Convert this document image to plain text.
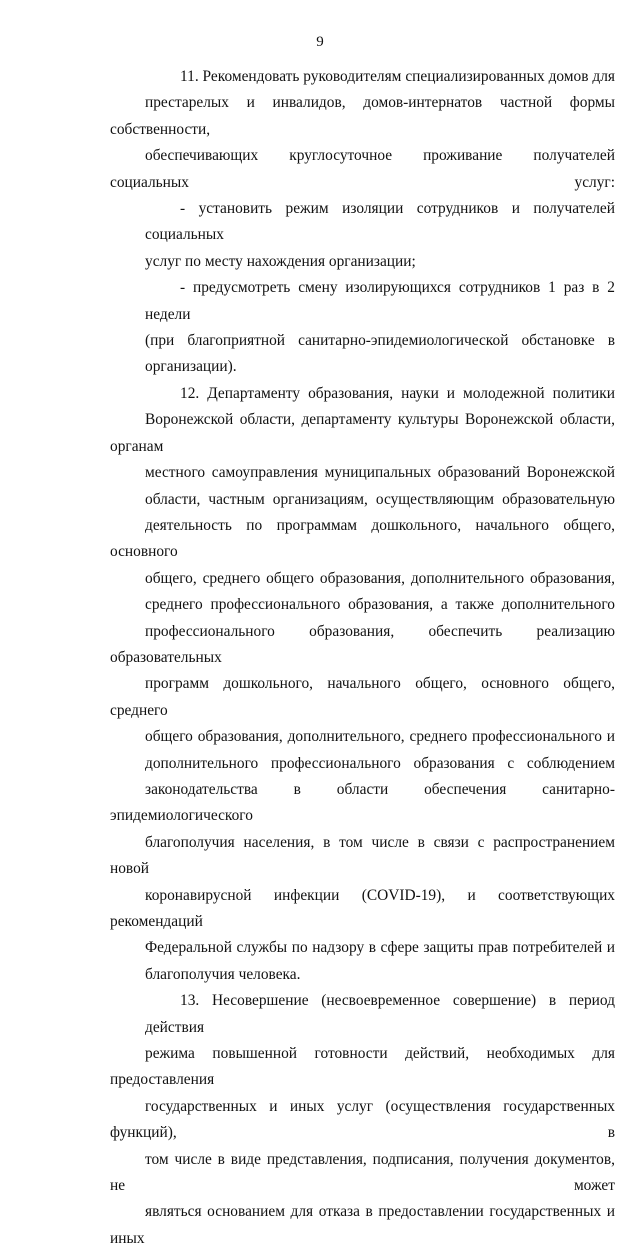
9
11. Рекомендовать руководителям специализированных домов для
престарелых и инвалидов, домов-интернатов частной формы собственности,
обеспечивающих круглосуточное проживание получателей социальных услуг:
- установить режим изоляции сотрудников и получателей социальных
услуг по месту нахождения организации;
- предусмотреть смену изолирующихся сотрудников 1 раз в 2 недели
(при благоприятной санитарно-эпидемиологической обстановке в
организации).
12. Департаменту образования, науки и молодежной политики
Воронежской области, департаменту культуры Воронежской области, органам
местного самоуправления муниципальных образований Воронежской
области, частным организациям, осуществляющим образовательную
деятельность по программам дошкольного, начального общего, основного
общего, среднего общего образования, дополнительного образования,
среднего профессионального образования, а также дополнительного
профессионального образования, обеспечить реализацию образовательных
программ дошкольного, начального общего, основного общего, среднего
общего образования, дополнительного, среднего профессионального и
дополнительного профессионального образования с соблюдением
законодательства в области обеспечения санитарно-эпидемиологического
благополучия населения, в том числе в связи с распространением новой
коронавирусной инфекции (COVID-19), и соответствующих рекомендаций
Федеральной службы по надзору в сфере защиты прав потребителей и
благополучия человека.
13. Несовершение (несвоевременное совершение) в период действия
режима повышенной готовности действий, необходимых для предоставления
государственных и иных услуг (осуществления государственных функций), в
том числе в виде представления, подписания, получения документов, не может
являться основанием для отказа в предоставлении государственных и иных
